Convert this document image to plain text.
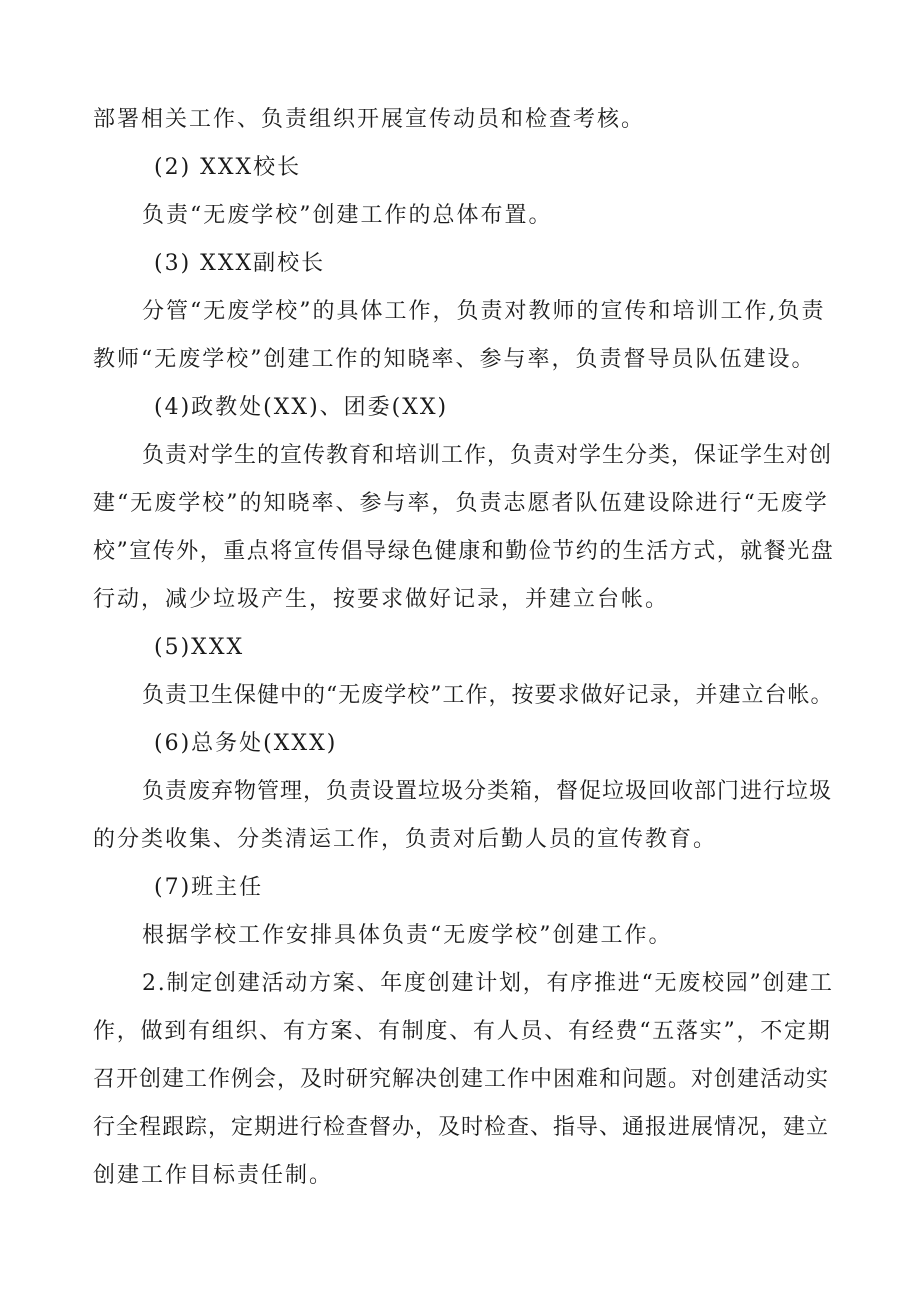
部署相关工作、负责组织开展宣传动员和检查考核。
(2) XXX校长
负责“无废学校”创建工作的总体布置。
(3) XXX副校长
分管“无废学校”的具体工作，负责对教师的宣传和培训工作,负责
教师“无废学校”创建工作的知晓率、参与率，负责督导员队伍建设。
(4)政教处(XX)、团委(XX)
负责对学生的宣传教育和培训工作，负责对学生分类，保证学生对创
建“无废学校”的知晓率、参与率，负责志愿者队伍建设除进行“无废学
校”宣传外，重点将宣传倡导绿色健康和勤俭节约的生活方式，就餐光盘
行动，减少垃圾产生，按要求做好记录，并建立台帐。
(5)XXX
负责卫生保健中的“无废学校”工作，按要求做好记录，并建立台帐。
(6)总务处(XXX)
负责废弃物管理，负责设置垃圾分类箱，督促垃圾回收部门进行垃圾
的分类收集、分类清运工作，负责对后勤人员的宣传教育。
(7)班主任
根据学校工作安排具体负责“无废学校”创建工作。
2.制定创建活动方案、年度创建计划，有序推进“无废校园”创建工
作，做到有组织、有方案、有制度、有人员、有经费“五落实”，不定期
召开创建工作例会，及时研究解决创建工作中困难和问题。对创建活动实
行全程跟踪，定期进行检查督办，及时检查、指导、通报进展情况，建立
创建工作目标责任制。
